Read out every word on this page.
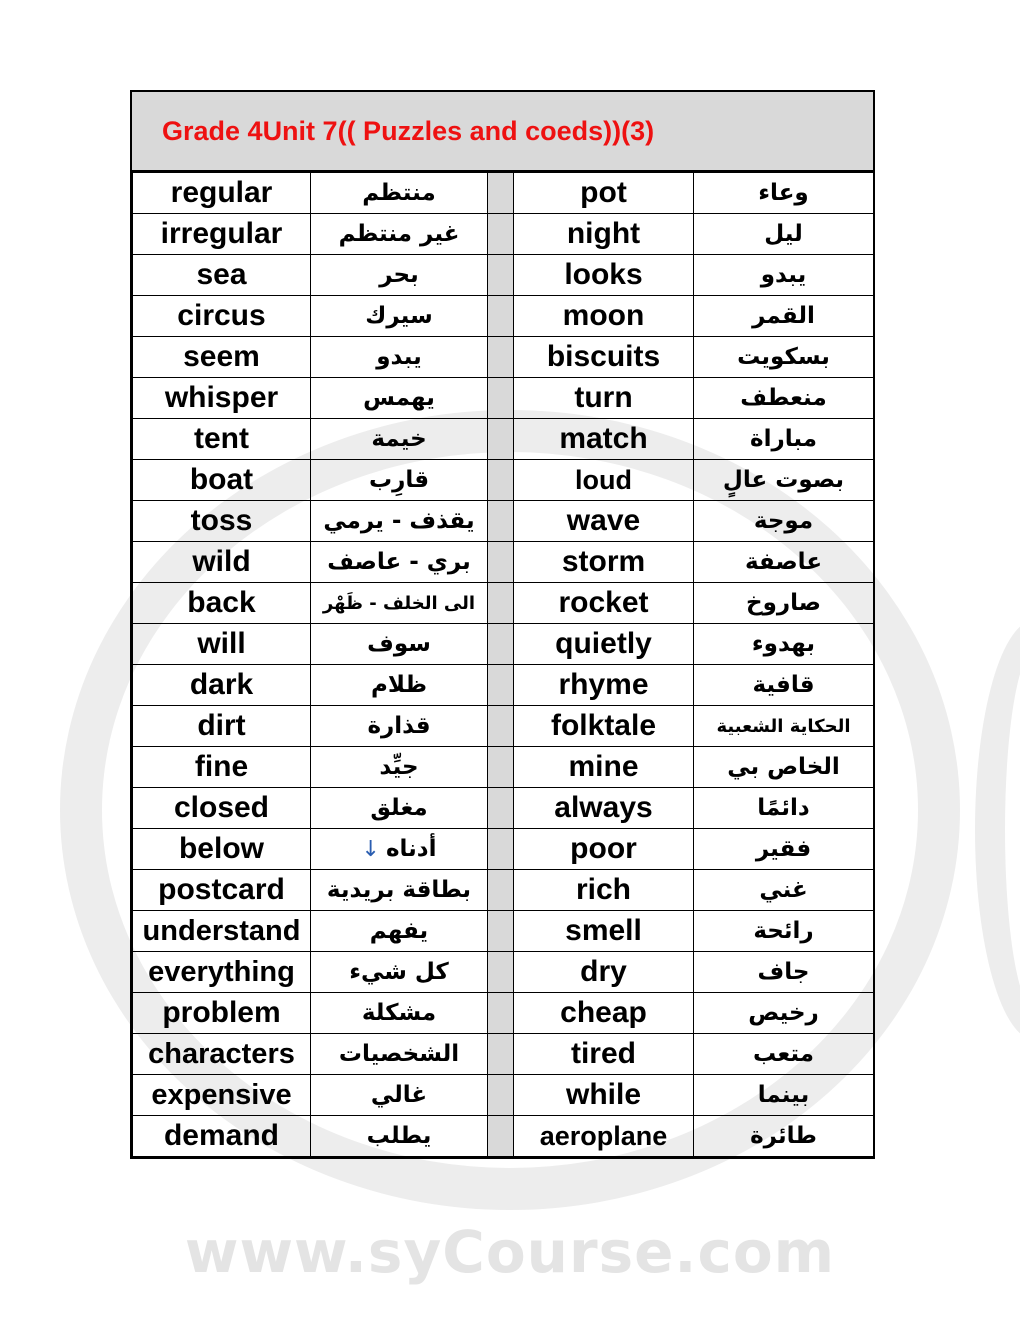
www.syCourse.com
Grade 4 Unit 7 (( Puzzles and coeds)) (3)
regular	منتظم		pot	وعاء
irregular	غير منتظم		night	ليل
sea	بحر		looks	يبدو
circus	سيرك		moon	القمر
seem	يبدو		biscuits	بسكويت
whisper	يهمس		turn	منعطف
tent	خيمة		match	مباراة
boat	قارِب		loud	بصوت عالٍ
toss	يقذف - يرمي		wave	موجة
wild	بري - عاصف		storm	عاصفة
back	الى الخلف - ظَهْر		rocket	صاروخ
will	سوف		quietly	بهدوء
dark	ظلام		rhyme	قافية
dirt	قذارة		folktale	الحكاية الشعبية
fine	جيِّد		mine	الخاص بي
closed	مغلق		always	دائمًا
below	أدناه↓		poor	فقير
postcard	بطاقة بريدية		rich	غني
understand	يفهم		smell	رائحة
everything	كل شيء		dry	جاف
problem	مشكلة		cheap	رخيص
characters	الشخصيات		tired	متعب
expensive	غالي		while	بينما
demand	يطلب		aeroplane	طائرة
